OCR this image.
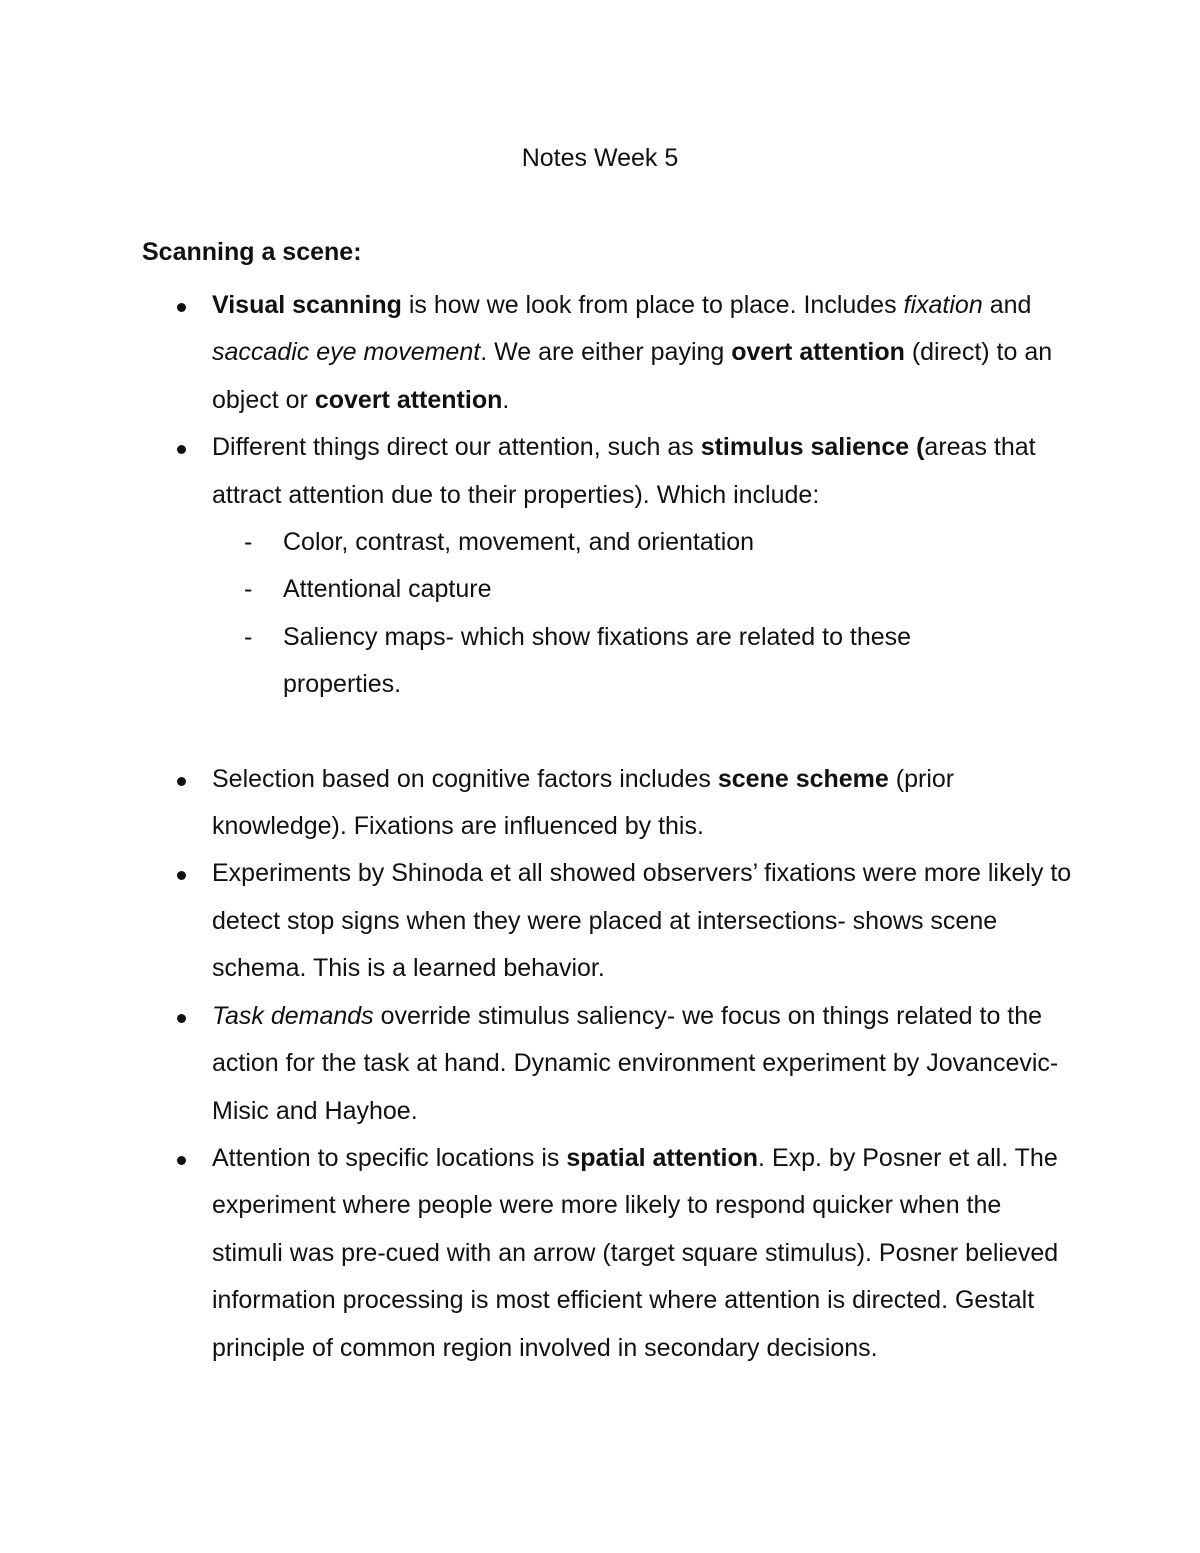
Notes Week 5
Scanning a scene:
Visual scanning is how we look from place to place. Includes fixation and saccadic eye movement. We are either paying overt attention (direct) to an object or covert attention.
Different things direct our attention, such as stimulus salience (areas that attract attention due to their properties). Which include:
- Color, contrast, movement, and orientation
- Attentional capture
- Saliency maps- which show fixations are related to these properties.
Selection based on cognitive factors includes scene scheme (prior knowledge). Fixations are influenced by this.
Experiments by Shinoda et all showed observers’ fixations were more likely to detect stop signs when they were placed at intersections- shows scene schema. This is a learned behavior.
Task demands override stimulus saliency- we focus on things related to the action for the task at hand. Dynamic environment experiment by Jovancevic-Misic and Hayhoe.
Attention to specific locations is spatial attention. Exp. by Posner et all. The experiment where people were more likely to respond quicker when the stimuli was pre-cued with an arrow (target square stimulus). Posner believed information processing is most efficient where attention is directed. Gestalt principle of common region involved in secondary decisions.
